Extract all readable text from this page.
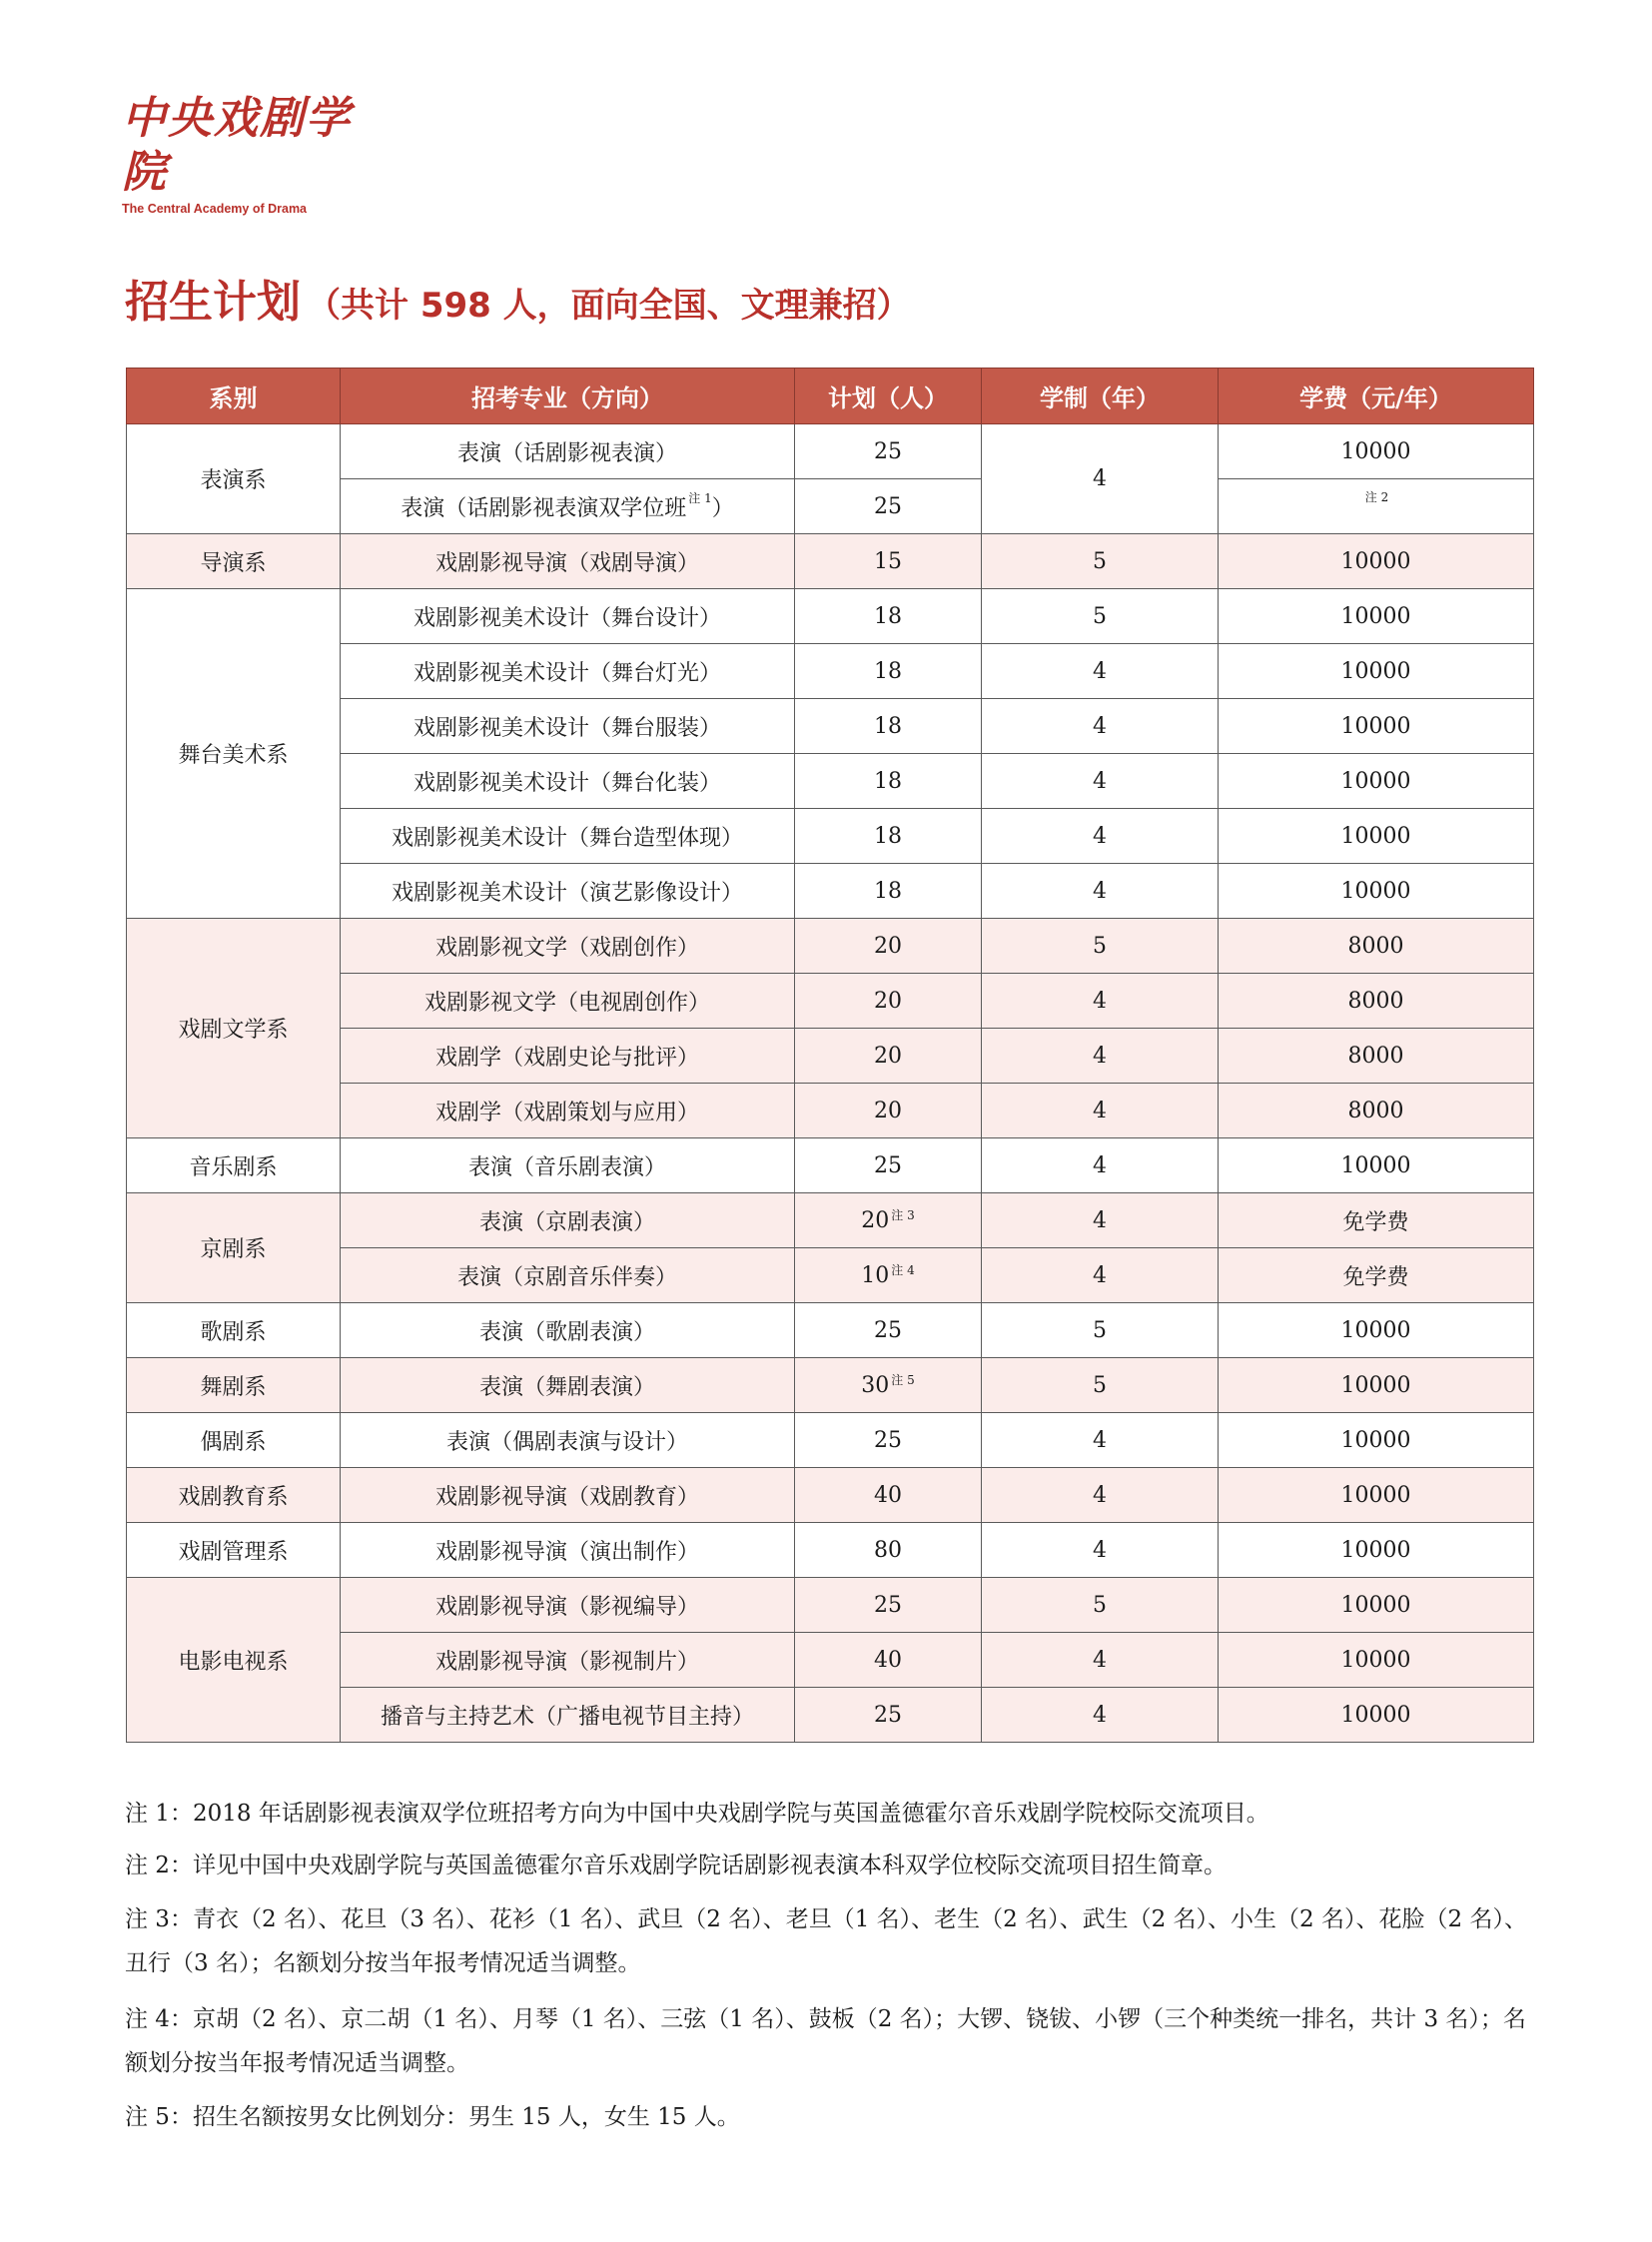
中央戏剧学院
The Central Academy of Drama
招生计划 （共计 598 人，面向全国、文理兼招）
系别	招考专业（方向）	计划（人）	学制（年）	学费（元/年）
表演系	表演（话剧影视表演）	25	4	10000
	表演（话剧影视表演双学位班 $^{注 1}$）	25		$^{注 2}$
导演系	戏剧影视导演（戏剧导演）	15	5	10000
舞台美术系	戏剧影视美术设计（舞台设计）	18	5	10000
	戏剧影视美术设计（舞台灯光）	18	4	10000
	戏剧影视美术设计（舞台服装）	18	4	10000
	戏剧影视美术设计（舞台化装）	18	4	10000
	戏剧影视美术设计（舞台造型体现）	18	4	10000
	戏剧影视美术设计（演艺影像设计）	18	4	10000
戏剧文学系	戏剧影视文学（戏剧创作）	20	5	8000
	戏剧影视文学（电视剧创作）	20	4	8000
	戏剧学（戏剧史论与批评）	20	4	8000
	戏剧学（戏剧策划与应用）	20	4	8000
音乐剧系	表演（音乐剧表演）	25	4	10000
京剧系	表演（京剧表演）	20 $^{注 3}$	4	免学费
	表演（京剧音乐伴奏）	10 $^{注 4}$	4	免学费
歌剧系	表演（歌剧表演）	25	5	10000
舞剧系	表演（舞剧表演）	30 $^{注 5}$	5	10000
偶剧系	表演（偶剧表演与设计）	25	4	10000
戏剧教育系	戏剧影视导演（戏剧教育）	40	4	10000
戏剧管理系	戏剧影视导演（演出制作）	80	4	10000
电影电视系	戏剧影视导演（影视编导）	25	5	10000
	戏剧影视导演（影视制片）	40	4	10000
	播音与主持艺术（广播电视节目主持）	25	4	10000

注 1：2018 年话剧影视表演双学位班招考方向为中国中央戏剧学院与英国盖德霍尔音乐戏剧学院校际交流项目。

注 2：详见中国中央戏剧学院与英国盖德霍尔音乐戏剧学院话剧影视表演本科双学位校际交流项目招生简章。

注 3：青衣（2 名）、花旦（3 名）、花衫（1 名）、武旦（2 名）、老旦（1 名）、老生（2 名）、武生（2 名）、小生（2 名）、花脸（2 名）、丑行（3 名）；名额划分按当年报考情况适当调整。

注 4：京胡（2 名）、京二胡（1 名）、月琴（1 名）、三弦（1 名）、鼓板（2 名）；大锣、铙钹、小锣（三个种类统一排名，共计 3 名）；名额划分按当年报考情况适当调整。

注 5：招生名额按男女比例划分：男生 15 人，女生 15 人。
